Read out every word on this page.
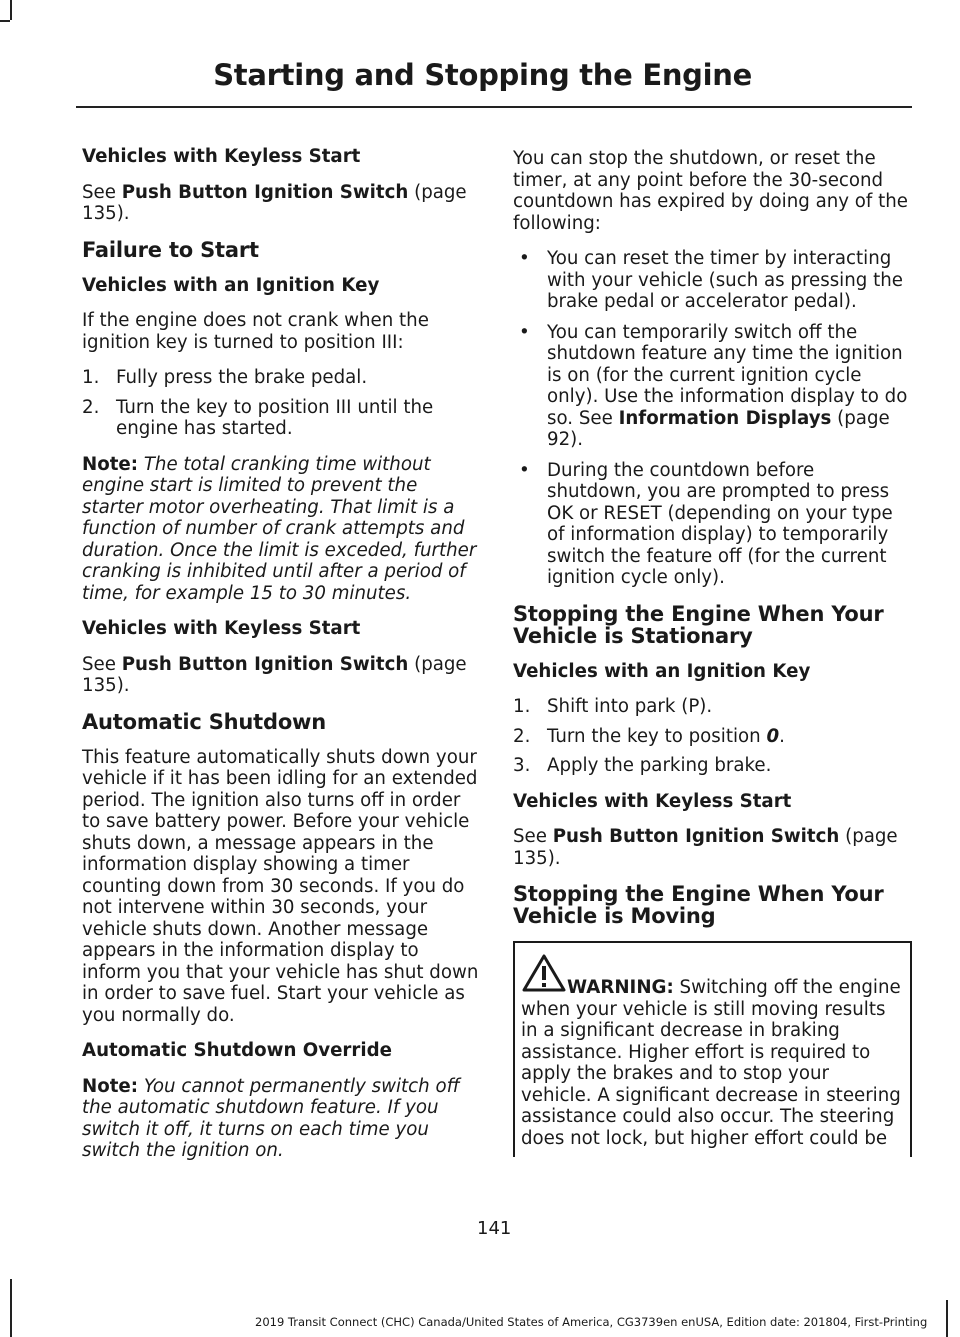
Starting and Stopping the Engine
Vehicles with Keyless Start

See Push Button Ignition Switch (page 135).

Failure to Start
Vehicles with an Ignition Key

If the engine does not crank when the ignition key is turned to position III:

1. Fully press the brake pedal.
2. Turn the key to position III until the engine has started.

Note: The total cranking time without engine start is limited to prevent the starter motor overheating. That limit is a function of number of crank attempts and duration. Once the limit is exceded, further cranking is inhibited until after a period of time, for example 15 to 30 minutes.

Vehicles with Keyless Start

See Push Button Ignition Switch (page 135).

Automatic Shutdown

This feature automatically shuts down your vehicle if it has been idling for an extended period. The ignition also turns off in order to save battery power. Before your vehicle shuts down, a message appears in the information display showing a timer counting down from 30 seconds. If you do not intervene within 30 seconds, your vehicle shuts down. Another message appears in the information display to inform you that your vehicle has shut down in order to save fuel. Start your vehicle as you normally do.

Automatic Shutdown Override

Note: You cannot permanently switch off the automatic shutdown feature. If you switch it off, it turns on each time you switch the ignition on.

You can stop the shutdown, or reset the timer, at any point before the 30-second countdown has expired by doing any of the following:

• You can reset the timer by interacting with your vehicle (such as pressing the brake pedal or accelerator pedal).
• You can temporarily switch off the shutdown feature any time the ignition is on (for the current ignition cycle only). Use the information display to do so. See Information Displays (page 92).
• During the countdown before shutdown, you are prompted to press OK or RESET (depending on your type of information display) to temporarily switch the feature off (for the current ignition cycle only).
Stopping the Engine When Your Vehicle is Stationary
Vehicles with an Ignition Key
1. Shift into park (P).
2. Turn the key to position 0.
3. Apply the parking brake.
Vehicles with Keyless Start

See Push Button Ignition Switch (page 135).

Stopping the Engine When Your Vehicle is Moving
WARNING: Switching off the engine when your vehicle is still moving results in a significant decrease in braking assistance. Higher effort is required to apply the brakes and to stop your vehicle. A significant decrease in steering assistance could also occur. The steering does not lock, but higher effort could be
141
2019 Transit Connect (CHC) Canada/United States of America, CG3739en enUSA, Edition date: 201804, First-Printing
